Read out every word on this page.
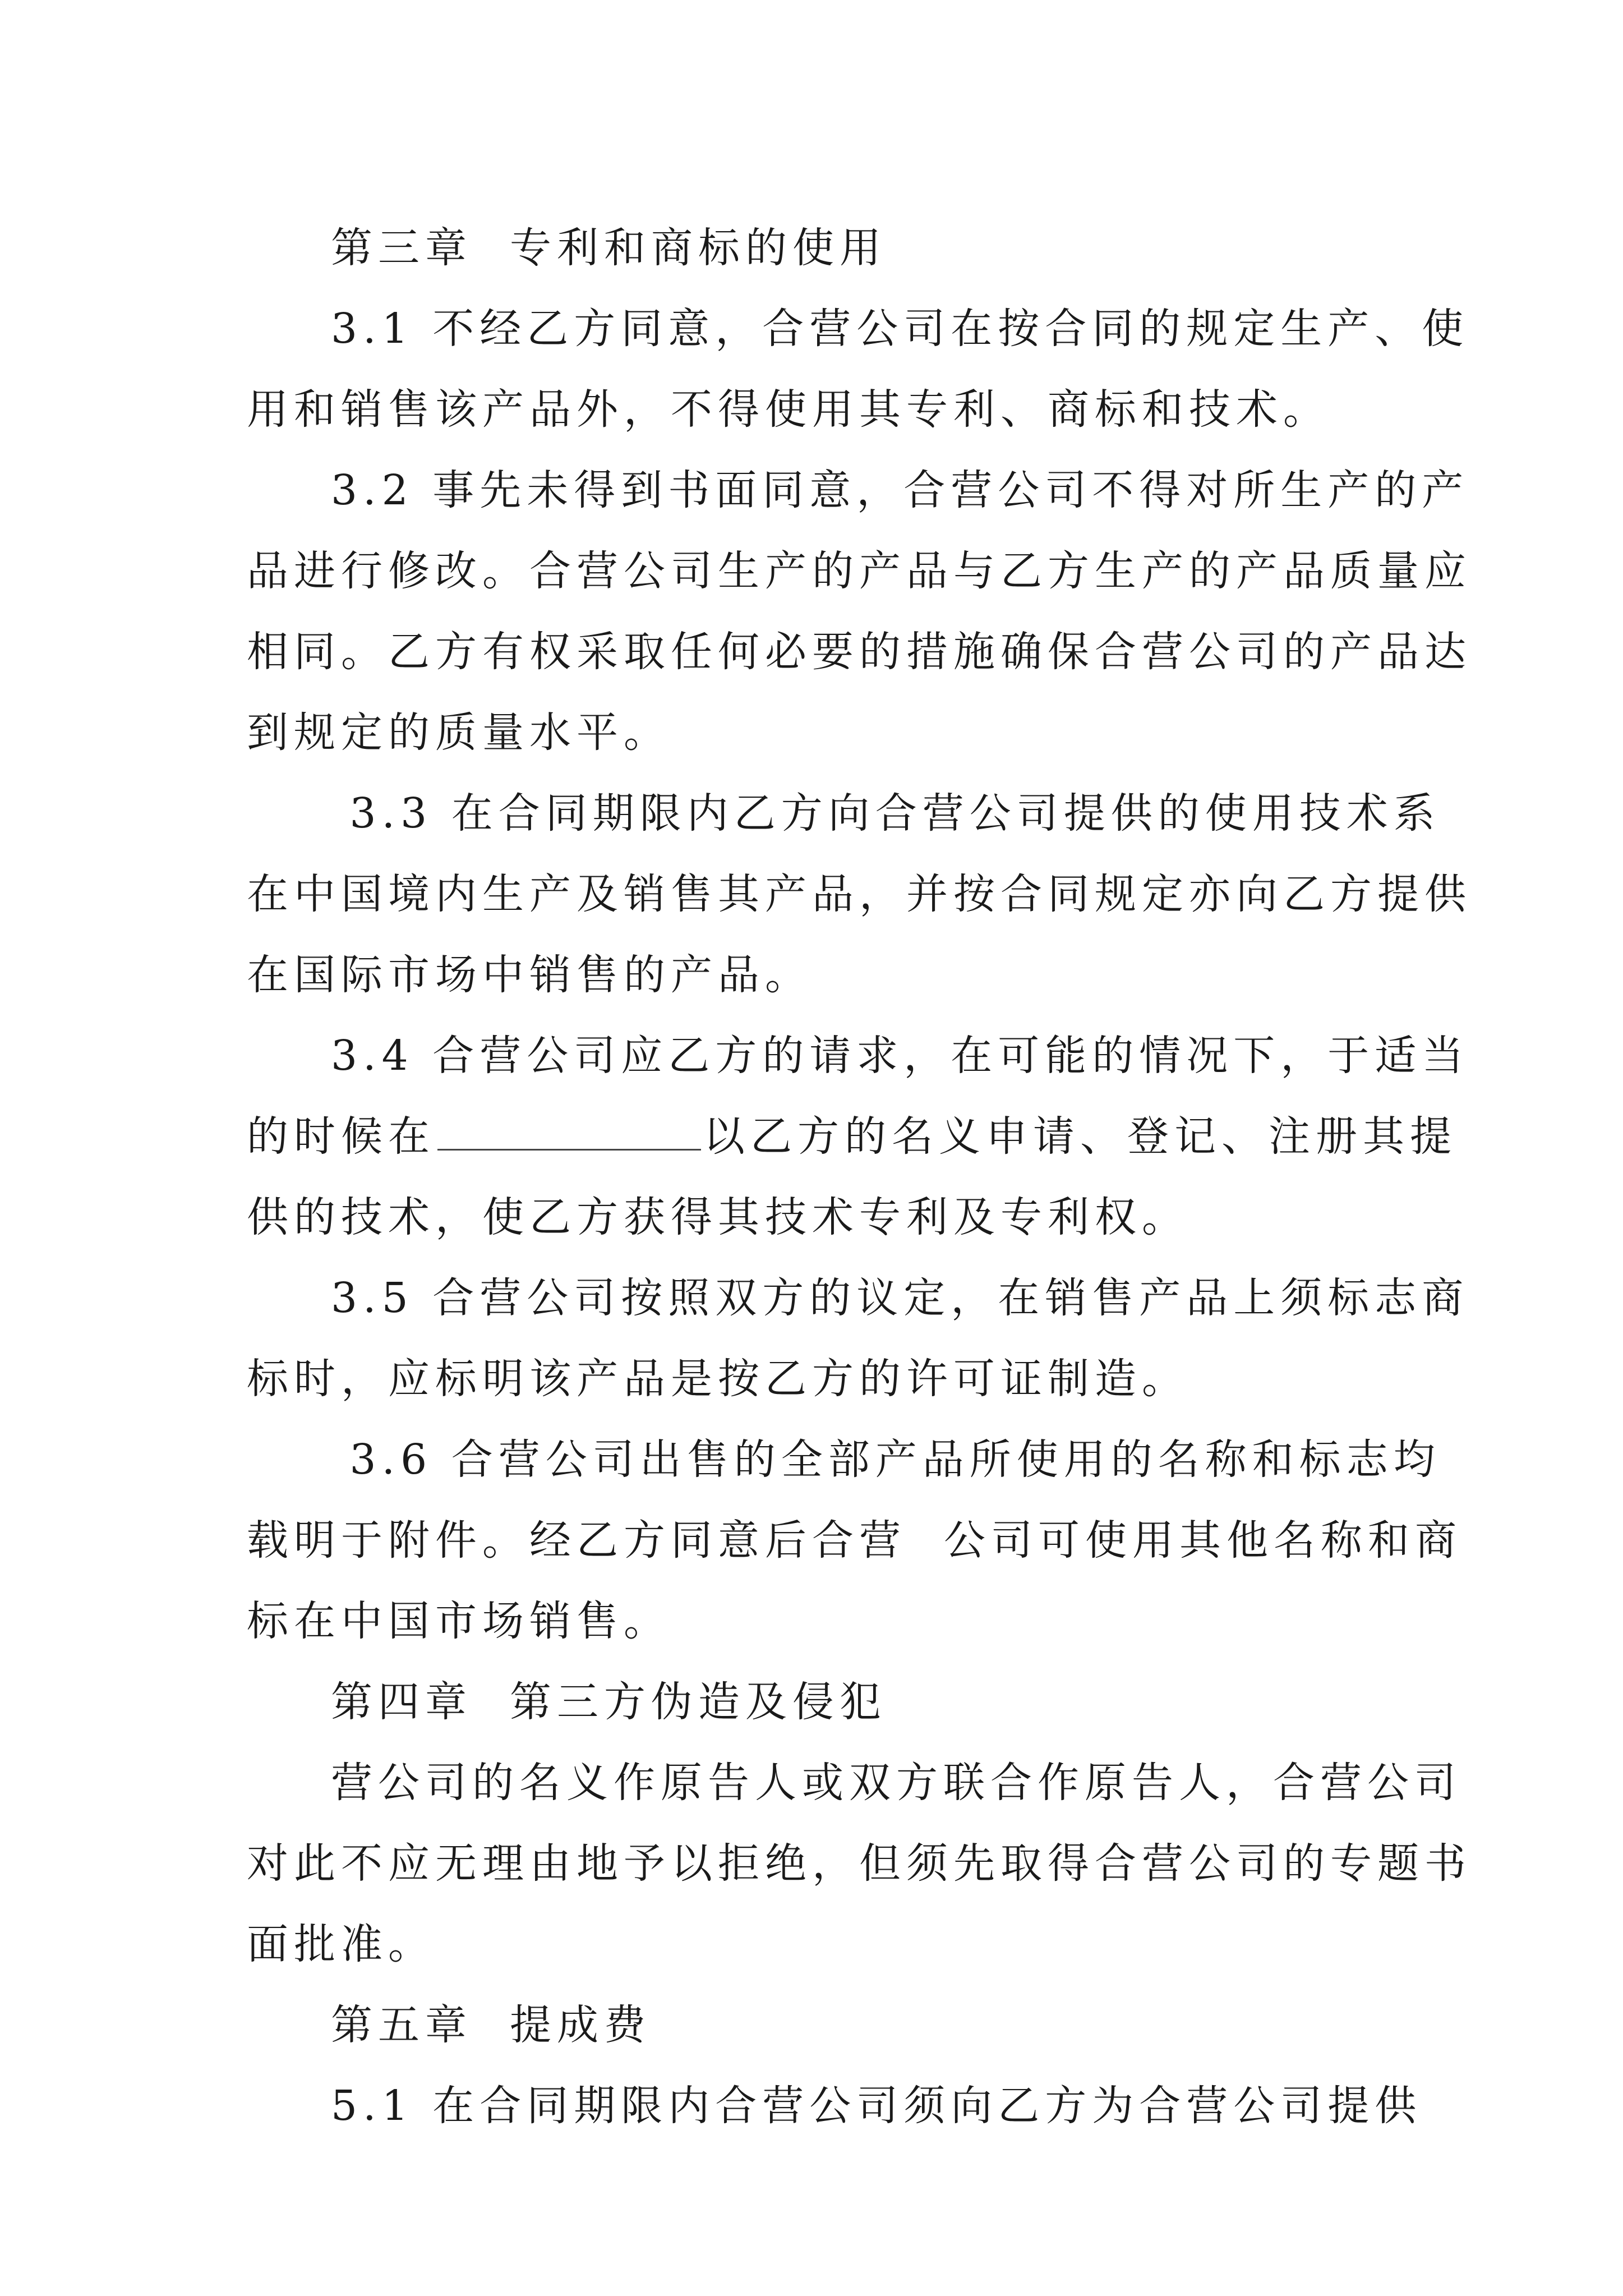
第三章  专利和商标的使用

3.1 不经乙方同意，合营公司在按合同的规定生产、使

用和销售该产品外，不得使用其专利、商标和技术。

3.2 事先未得到书面同意，合营公司不得对所生产的产

品进行修改。合营公司生产的产品与乙方生产的产品质量应

相同。乙方有权采取任何必要的措施确保合营公司的产品达

到规定的质量水平。

3.3 在合同期限内乙方向合营公司提供的使用技术系

在中国境内生产及销售其产品，并按合同规定亦向乙方提供

在国际市场中销售的产品。

3.4 合营公司应乙方的请求，在可能的情况下，于适当

的时候在	以乙方的名义申请、登记、注册其提

供的技术，使乙方获得其技术专利及专利权。

3.5 合营公司按照双方的议定，在销售产品上须标志商

标时，应标明该产品是按乙方的许可证制造。

3.6 合营公司出售的全部产品所使用的名称和标志均

载明于附件。经乙方同意后合营  公司可使用其他名称和商

标在中国市场销售。

第四章  第三方伪造及侵犯

营公司的名义作原告人或双方联合作原告人，合营公司

对此不应无理由地予以拒绝，但须先取得合营公司的专题书

面批准。

第五章  提成费

5.1 在合同期限内合营公司须向乙方为合营公司提供
